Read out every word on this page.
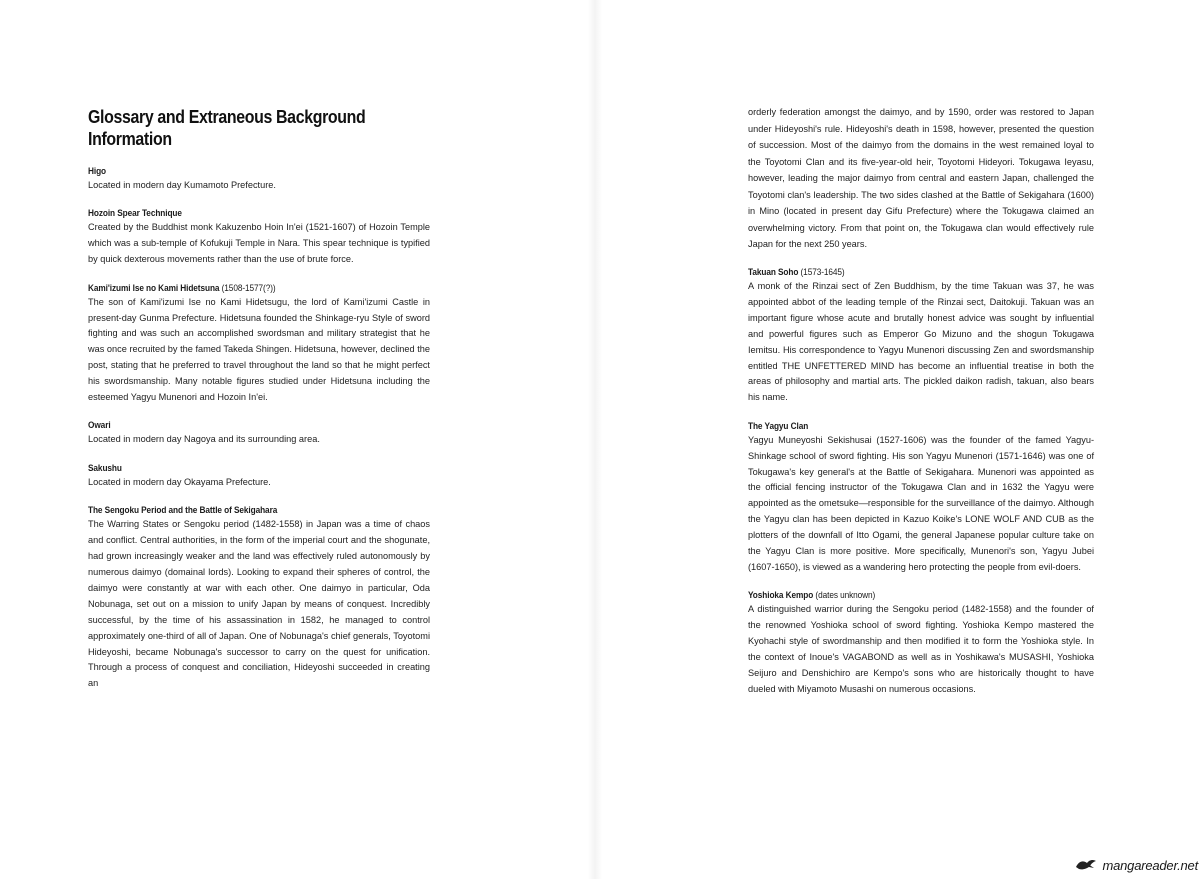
Glossary and Extraneous Background Information
Higo

Located in modern day Kumamoto Prefecture.

Hozoin Spear Technique

Created by the Buddhist monk Kakuzenbo Hoin In'ei (1521-1607) of Hozoin Temple which was a sub-temple of Kofukuji Temple in Nara. This spear technique is typified by quick dexterous movements rather than the use of brute force.

Kami'izumi Ise no Kami Hidetsuna (1508-1577(?))

The son of Kami'izumi Ise no Kami Hidetsugu, the lord of Kami'izumi Castle in present-day Gunma Prefecture. Hidetsuna founded the Shinkage-ryu Style of sword fighting and was such an accomplished swordsman and military strategist that he was once recruited by the famed Takeda Shingen. Hidetsuna, however, declined the post, stating that he preferred to travel throughout the land so that he might perfect his swordsmanship. Many notable figures studied under Hidetsuna including the esteemed Yagyu Munenori and Hozoin In'ei.

Owari

Located in modern day Nagoya and its surrounding area.

Sakushu

Located in modern day Okayama Prefecture.

The Sengoku Period and the Battle of Sekigahara

The Warring States or Sengoku period (1482-1558) in Japan was a time of chaos and conflict. Central authorities, in the form of the imperial court and the shogunate, had grown increasingly weaker and the land was effectively ruled autonomously by numerous daimyo (domainal lords). Looking to expand their spheres of control, the daimyo were constantly at war with each other. One daimyo in particular, Oda Nobunaga, set out on a mission to unify Japan by means of conquest. Incredibly successful, by the time of his assassination in 1582, he managed to control approximately one-third of all of Japan. One of Nobunaga's chief generals, Toyotomi Hideyoshi, became Nobunaga's successor to carry on the quest for unification. Through a process of conquest and conciliation, Hideyoshi succeeded in creating an

orderly federation amongst the daimyo, and by 1590, order was restored to Japan under Hideyoshi's rule. Hideyoshi's death in 1598, however, presented the question of succession. Most of the daimyo from the domains in the west remained loyal to the Toyotomi Clan and its five-year-old heir, Toyotomi Hideyori. Tokugawa Ieyasu, however, leading the major daimyo from central and eastern Japan, challenged the Toyotomi clan's leadership. The two sides clashed at the Battle of Sekigahara (1600) in Mino (located in present day Gifu Prefecture) where the Tokugawa claimed an overwhelming victory. From that point on, the Tokugawa clan would effectively rule Japan for the next 250 years.

Takuan Soho (1573-1645)

A monk of the Rinzai sect of Zen Buddhism, by the time Takuan was 37, he was appointed abbot of the leading temple of the Rinzai sect, Daitokuji. Takuan was an important figure whose acute and brutally honest advice was sought by influential and powerful figures such as Emperor Go Mizuno and the shogun Tokugawa Iemitsu. His correspondence to Yagyu Munenori discussing Zen and swordsmanship entitled THE UNFETTERED MIND has become an influential treatise in both the areas of philosophy and martial arts. The pickled daikon radish, takuan, also bears his name.

The Yagyu Clan

Yagyu Muneyoshi Sekishusai (1527-1606) was the founder of the famed Yagyu-Shinkage school of sword fighting. His son Yagyu Munenori (1571-1646) was one of Tokugawa's key general's at the Battle of Sekigahara. Munenori was appointed as the official fencing instructor of the Tokugawa Clan and in 1632 the Yagyu were appointed as the ometsuke—responsible for the surveillance of the daimyo. Although the Yagyu clan has been depicted in Kazuo Koike's LONE WOLF AND CUB as the plotters of the downfall of Itto Ogami, the general Japanese popular culture take on the Yagyu Clan is more positive. More specifically, Munenori's son, Yagyu Jubei (1607-1650), is viewed as a wandering hero protecting the people from evil-doers.

Yoshioka Kempo (dates unknown)

A distinguished warrior during the Sengoku period (1482-1558) and the founder of the renowned Yoshioka school of sword fighting. Yoshioka Kempo mastered the Kyohachi style of swordmanship and then modified it to form the Yoshioka style. In the context of Inoue's VAGABOND as well as in Yoshikawa's MUSASHI, Yoshioka Seijuro and Denshichiro are Kempo's sons who are historically thought to have dueled with Miyamoto Musashi on numerous occasions.

mangareader.net
